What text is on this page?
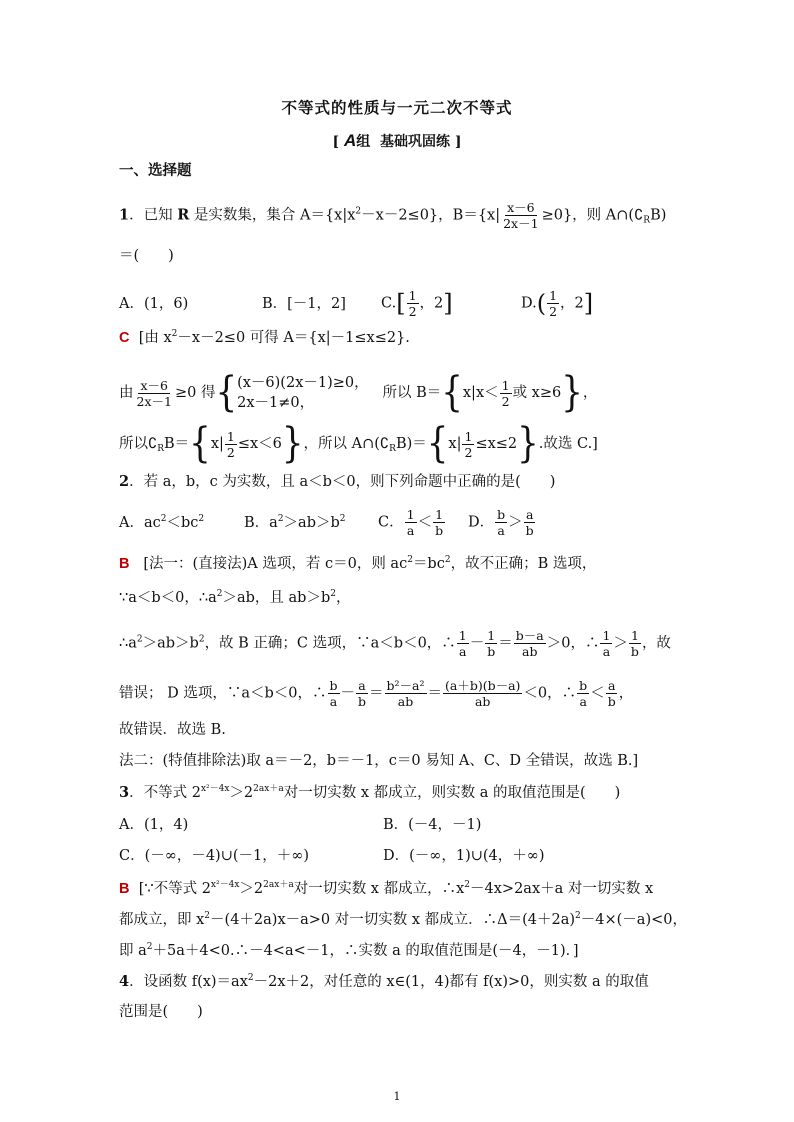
不等式的性质与一元二次不等式
[ A组 基础巩固练 ]
一、选择题
1．已知 R 是实数集，集合 $A=\{x|x^2-x-2\le 0\}$，$B=\{x| \frac{x-6}{2x-1} \ge 0\}$，则 $A\cap(∁_RB)$
＝(　　)
A．(1，6)	B．[－1，2] $C.[ \frac{1}{2}$ ，2]	$D.( \frac{1}{2}$ ，2]
C [由 $x^2-x-2\le 0$ 可得 A＝{x|－1≤x≤2}.
由 $\frac{x-6}{2x-1} \ge 0$ 得{ (x－6)(2x－1)≥0，
2x－1≠0，
所以 $B=\{x|x< \frac{1}{2}$ 或 x≥6}，
所以$∁_RB=\{x| \frac{1}{2} \le x<6\}$，所以 $A\cap(∁_RB)=\{x| \frac{1}{2} \le x\le 2\}$.故选 C.]
2．若 a，b，c 为实数，且 a＜b＜0，则下列命题中正确的是(　　)
A．$ac^2<bc^2$	B．$a^2>ab>b^2$ C． $\frac{1}{a} < \frac{1}{b}$ D． $\frac{b}{a} > \frac{a}{b}$
B [法一：(直接法)A 选项，若 c＝0，则 $ac^2=bc^2$，故不正确；B 选项，
∵a＜b＜0，$\therefore a^2>ab$，且 $ab>b^2$，
$\therefore a^2>ab>b^2$，故 B 正确；C 选项，∵a＜b＜0，∴ $\frac{1}{a} - \frac{1}{b} = \frac{b-a}{ab} >0$，∴ $\frac{1}{a} > \frac{1}{b}$ ，故
错误； D 选项，∵a＜b＜0，∴ $\frac{b}{a} - \frac{a}{b} = \frac{\text{b²－a²}}{ab} = \frac{(a+b)(b-a)}{ab} <0$，∴ $\frac{b}{a} < \frac{a}{b}$ ，
故错误．故选 B.
法二：(特值排除法)取 a＝－2，b＝－1，c＝0 易知 A、C、D 全错误，故选 B.]
3．不等式 $2^{x^2-4x}>2^{2ax+a}$对一切实数 x 都成立，则实数 a 的取值范围是(　　)
A．(1，4)	B．(－4，－1)
C．(－∞，－4)∪(－1，＋∞)	D．(－∞，1)∪(4，＋∞)
B [∵不等式 $2^{x^2-4x}>2^{2ax+a}$对一切实数 x 都成立，$\therefore x^2-4x>2ax+a$ 对一切实数 x
都成立，即 $x^2-(4+2a)x-a>0$ 对一切实数 x 都成立．$\therefore\Delta=(4+2a)^2-4\times(-a)<0$，
即 $a^2+5a+4<0.\therefore-4<a<-1$，∴实数 a 的取值范围是(－4，－1)．]
4．设函数 $f(x)=ax^2-2x+2$，对任意的 x∈(1，4)都有 f(x)>0，则实数 a 的取值
范围是(　　)
1
